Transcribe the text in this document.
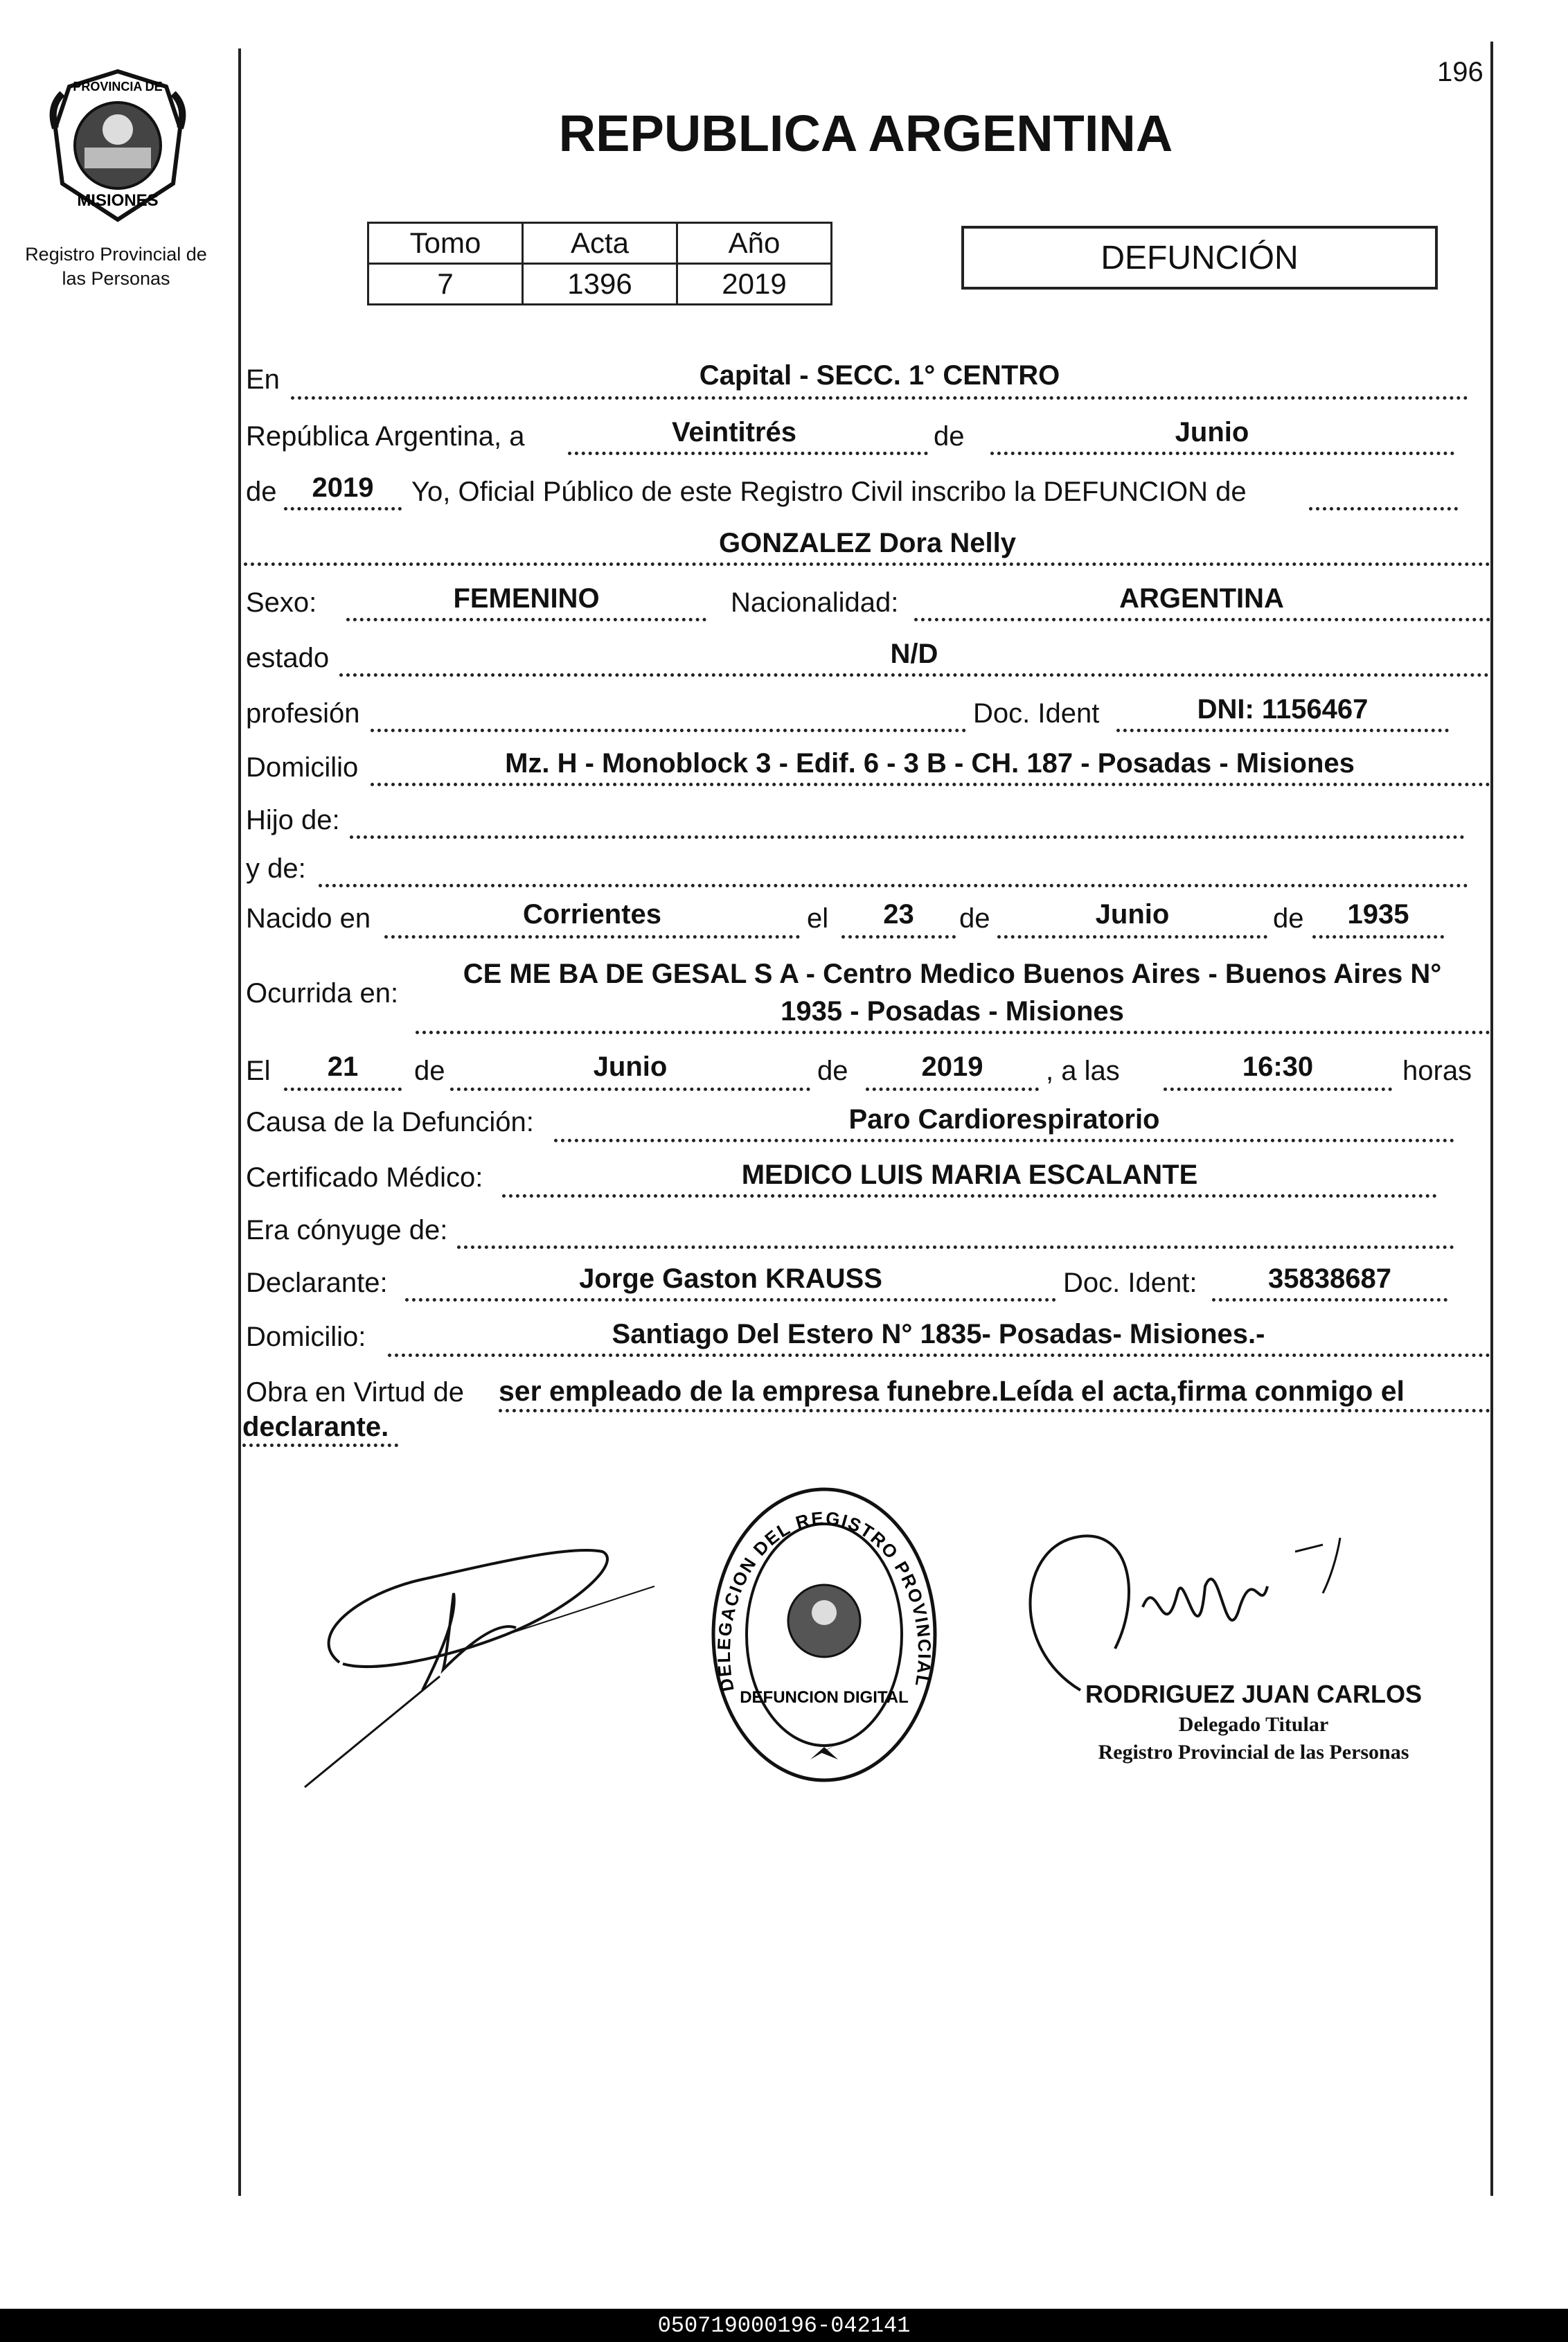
196
PROVINCIA DE
MISIONES
Registro Provincial de
las Personas
REPUBLICA ARGENTINA
Tomo	Acta	Año
7	1396	2019
DEFUNCIÓN
En	Capital - SECC. 1° CENTRO
República Argentina, a	Veintitrés	de	Junio
de	2019	Yo, Oficial Público de este Registro Civil inscribo la DEFUNCION de
GONZALEZ Dora Nelly
Sexo:	FEMENINO	Nacionalidad:	ARGENTINA
estado	N/D
profesión	Doc. Ident	DNI: 1156467
Domicilio	Mz. H - Monoblock 3 - Edif. 6 - 3 B - CH. 187 - Posadas - Misiones
Hijo de:
y de:
Nacido en	Corrientes	el	23	de	Junio	de	1935
Ocurrida en:
CE ME BA DE GESAL S A - Centro Medico Buenos Aires - Buenos Aires N°
1935 - Posadas - Misiones
El	21	de	Junio	de	2019	, a las	16:30	horas
Causa de la Defunción:	Paro Cardiorespiratorio
Certificado Médico:	MEDICO LUIS MARIA ESCALANTE
Era cónyuge de:
Declarante:	Jorge Gaston KRAUSS	Doc. Ident:	35838687
Domicilio:	Santiago Del Estero N° 1835- Posadas- Misiones.-
Obra en Virtud de ser empleado de la empresa funebre.Leída el acta,firma conmigo el
declarante.
DELEGACION DEL REGISTRO PROVINCIAL
DEFUNCION DIGITAL	RODRIGUEZ JUAN CARLOS
Delegado Titular
Registro Provincial de las Personas
050719000196-042141
